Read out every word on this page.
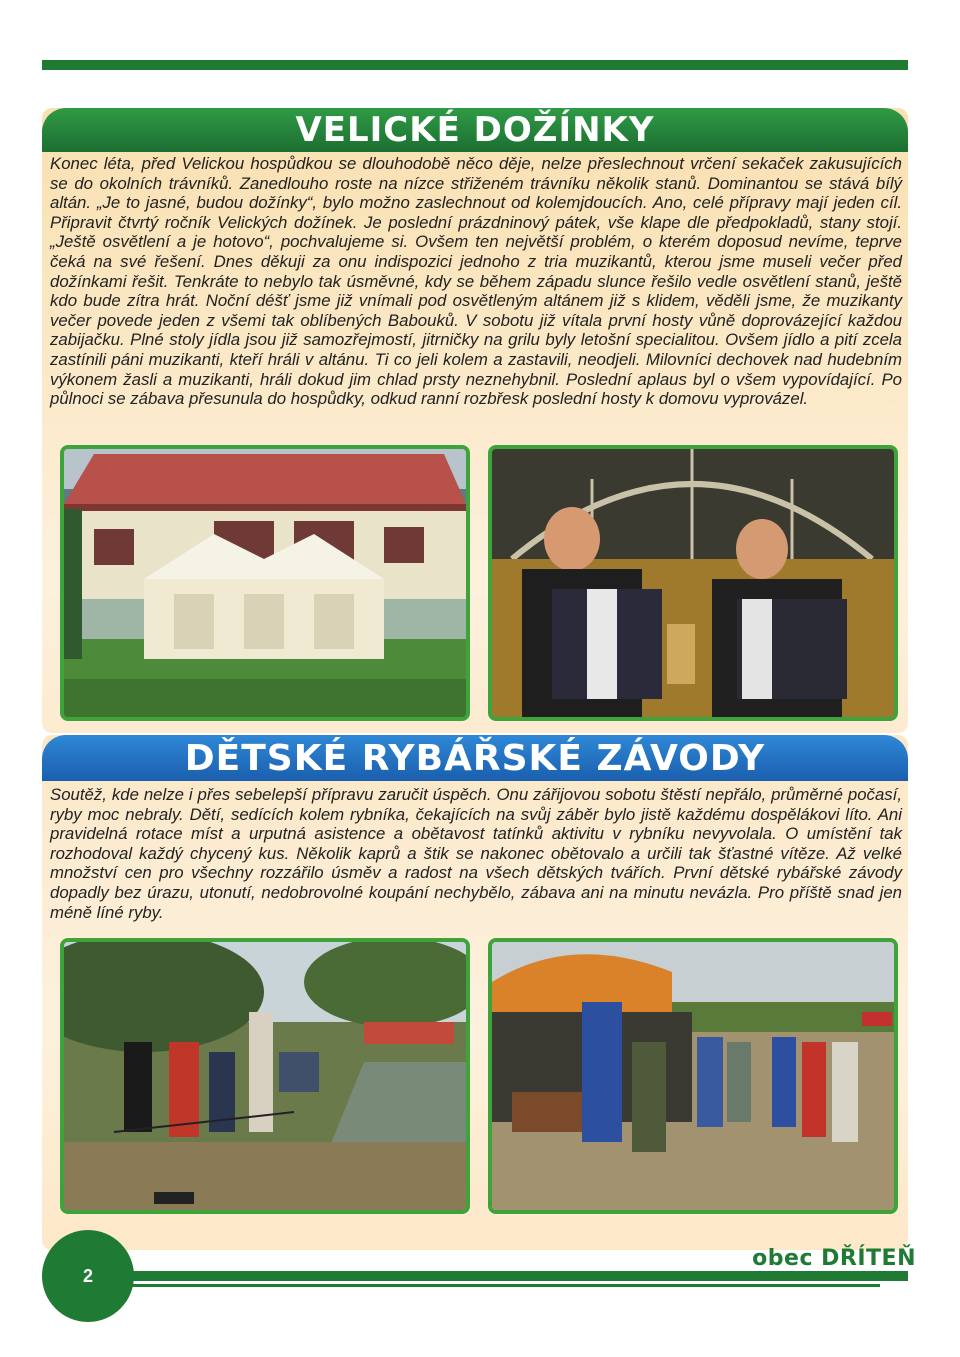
VELICKÉ DOŽÍNKY

Konec léta, před Velickou hospůdkou se dlouhodobě něco děje, nelze přeslechnout vrčení sekaček zakusujících se do okolních trávníků. Zanedlouho roste na nízce střiženém trávníku několik stanů. Dominantou se stává bílý altán. „Je to jasné, budou dožínky“, bylo možno zaslechnout od kolemjdoucích. Ano, celé přípravy mají jeden cíl. Připravit čtvrtý ročník Velických dožínek. Je poslední prázdninový pátek, vše klape dle předpokladů, stany stojí. „Ještě osvětlení a je hotovo“, pochvalujeme si. Ovšem ten největší problém, o kterém doposud nevíme, teprve čeká na své řešení. Dnes děkuji za onu indispozici jednoho z tria muzikantů, kterou jsme museli večer před dožínkami řešit. Tenkráte to nebylo tak úsměvné, kdy se během západu slunce řešilo vedle osvětlení stanů, ještě kdo bude zítra hrát. Noční déšť jsme již vnímali pod osvětleným altánem již s klidem, věděli jsme, že muzikanty večer povede jeden z všemi tak oblíbených Babouků. V sobotu již vítala první hosty vůně doprovázející každou zabijačku. Plné stoly jídla jsou již samozřejmostí, jitrničky na grilu byly letošní specialitou. Ovšem jídlo a pití zcela zastínili páni muzikanti, kteří hráli v altánu. Ti co jeli kolem a zastavili, neodjeli. Milovníci dechovek nad hudebním výkonem žasli a muzikanti, hráli dokud jim chlad prsty neznehybnil. Poslední aplaus byl o všem vypovídající. Po půlnoci se zábava přesunula do hospůdky, odkud ranní rozbřesk poslední hosty k domovu vyprovázel.

DĚTSKÉ RYBÁŘSKÉ ZÁVODY

Soutěž, kde nelze i přes sebelepší přípravu zaručit úspěch. Onu zářijovou sobotu štěstí nepřálo, průměrné počasí, ryby moc nebraly. Dětí, sedících kolem rybníka, čekajících na svůj záběr bylo jistě každému dospělákovi líto. Ani pravidelná rotace míst a urputná asistence a obětavost tatínků aktivitu v rybníku nevyvolala. O umístění tak rozhodoval každý chycený kus. Několik kaprů a štik se nakonec obětovalo a určili tak šťastné vítěze. Až velké množství cen pro všechny rozzářilo úsměv a radost na všech dětských tvářích. První dětské rybářské závody dopadly bez úrazu, utonutí, nedobrovolné koupání nechybělo, zábava ani na minutu nevázla. Pro příště snad jen méně líné ryby.

2
obec DŘÍTEŇ
